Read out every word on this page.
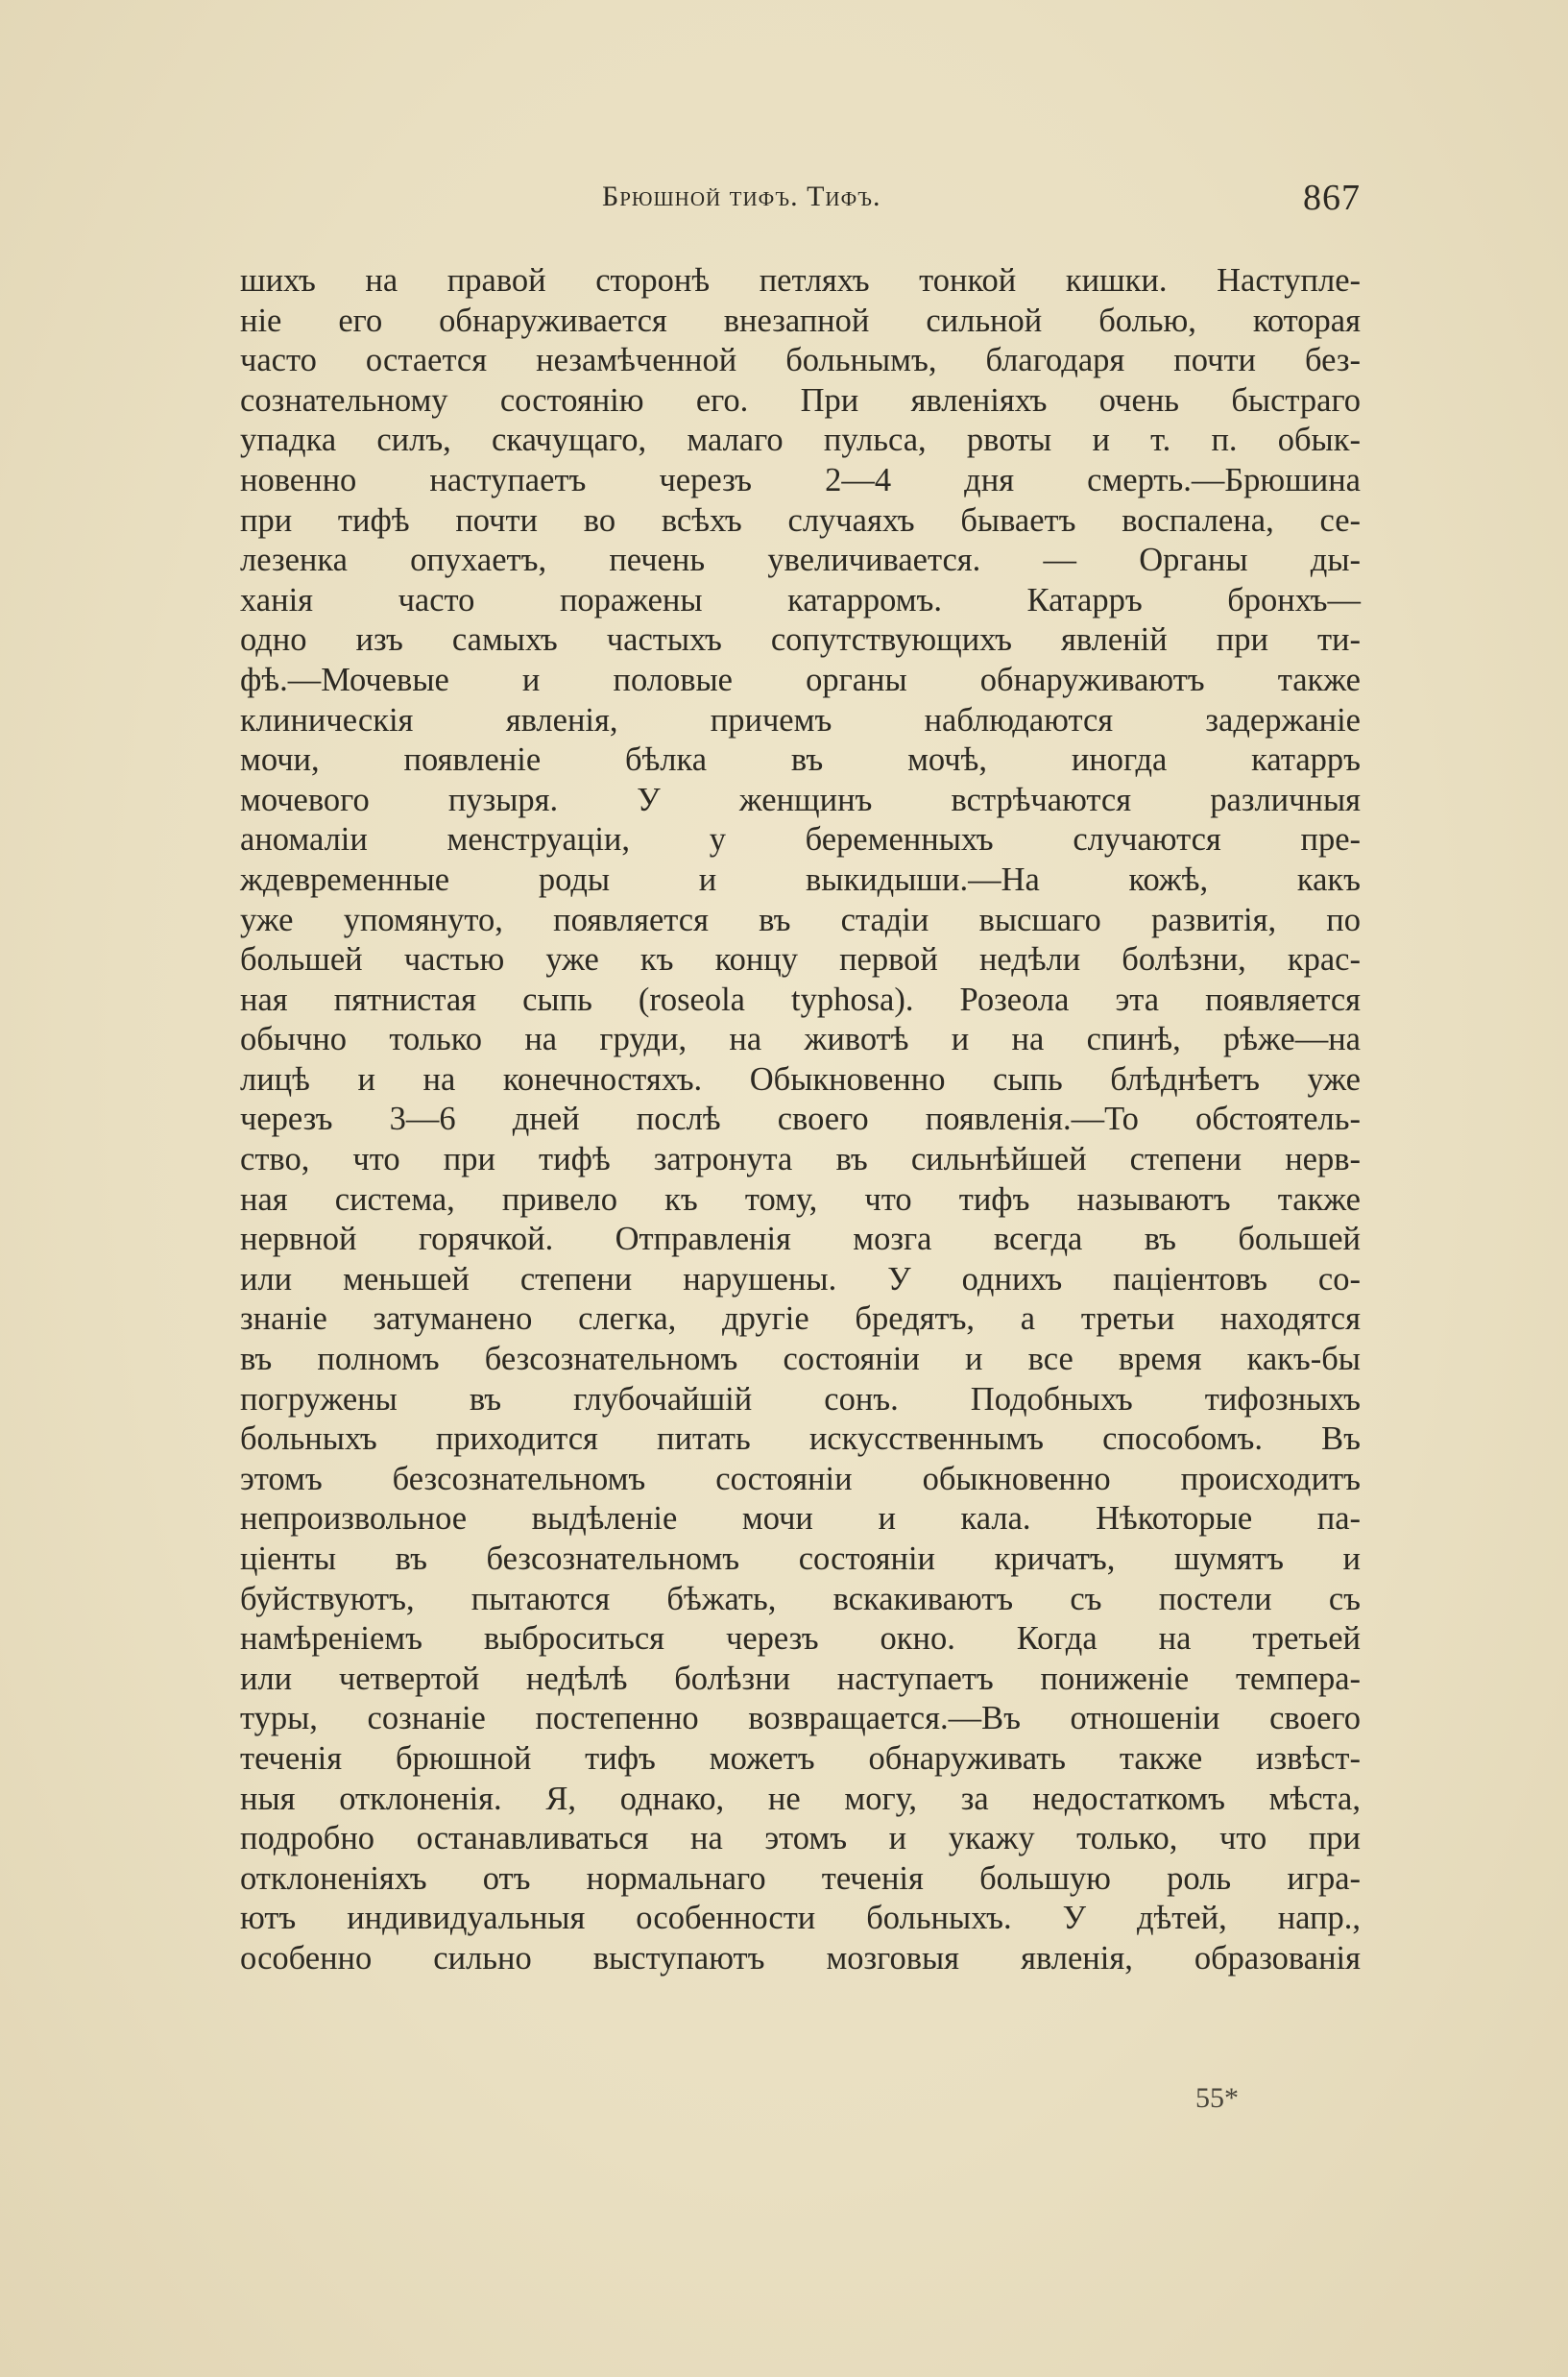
Брюшной тифъ. Тифъ.	867
шихъ на правой сторонѣ петляхъ тонкой кишки. Наступле-
ніе его обнаруживается внезапной сильной болью, которая
часто остается незамѣченной больнымъ, благодаря почти без-
сознательному состоянію его. При явленіяхъ очень быстраго
упадка силъ, скачущаго, малаго пульса, рвоты и т. п. обык-
новенно наступаетъ черезъ 2—4 дня смерть.—Брюшина
при тифѣ почти во всѣхъ случаяхъ бываетъ воспалена, се-
лезенка опухаетъ, печень увеличивается. — Органы ды-
ханія часто поражены катарромъ. Катарръ бронхъ—
одно изъ самыхъ частыхъ сопутствующихъ явленій при ти-
фѣ.—Мочевые и половые органы обнаруживаютъ также
клиническія явленія, причемъ наблюдаются задержаніе
мочи, появленіе бѣлка въ мочѣ, иногда катарръ
мочевого пузыря. У женщинъ встрѣчаются различныя
аномаліи менструаціи, у беременныхъ случаются пре-
ждевременные роды и выкидыши.—На кожѣ, какъ
уже упомянуто, появляется въ стадіи высшаго развитія, по
большей частью уже къ концу первой недѣли болѣзни, крас-
ная пятнистая сыпь (roseola typhosa). Розеола эта появляется
обычно только на груди, на животѣ и на спинѣ, рѣже—на
лицѣ и на конечностяхъ. Обыкновенно сыпь блѣднѣетъ уже
черезъ 3—6 дней послѣ своего появленія.—То обстоятель-
ство, что при тифѣ затронута въ сильнѣйшей степени нерв-
ная система, привело къ тому, что тифъ называютъ также
нервной горячкой. Отправленія мозга всегда въ большей
или меньшей степени нарушены. У однихъ паціентовъ со-
знаніе затуманено слегка, другіе бредятъ, а третьи находятся
въ полномъ безсознательномъ состояніи и все время какъ-бы
погружены въ глубочайшій сонъ. Подобныхъ тифозныхъ
больныхъ приходится питать искусственнымъ способомъ. Въ
этомъ безсознательномъ состояніи обыкновенно происходитъ
непроизвольное выдѣленіе мочи и кала. Нѣкоторые па-
ціенты въ безсознательномъ состояніи кричатъ, шумятъ и
буйствуютъ, пытаются бѣжать, вскакиваютъ съ постели съ
намѣреніемъ выброситься черезъ окно. Когда на третьей
или четвертой недѣлѣ болѣзни наступаетъ пониженіе темпера-
туры, сознаніе постепенно возвращается.—Въ отношеніи своего
теченія брюшной тифъ можетъ обнаруживать также извѣст-
ныя отклоненія. Я, однако, не могу, за недостаткомъ мѣста,
подробно останавливаться на этомъ и укажу только, что при
отклоненіяхъ отъ нормальнаго теченія большую роль игра-
ютъ индивидуальныя особенности больныхъ. У дѣтей, напр.,
особенно сильно выступаютъ мозговыя явленія, образованія
55*
